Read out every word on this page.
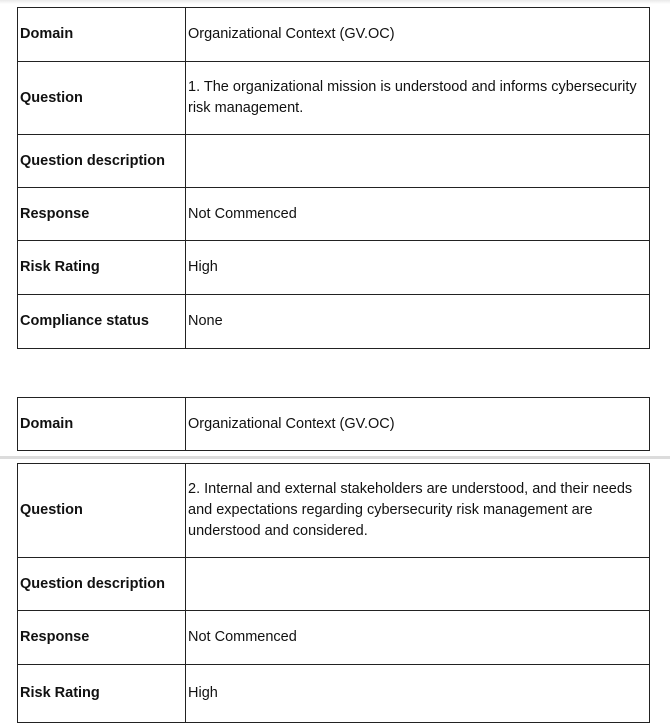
Domain	Organizational Context (GV.OC)
Question	1. The organizational mission is understood and informs cybersecurity risk management.
Question description	
Response	Not Commenced
Risk Rating	High
Compliance status	None
Domain	Organizational Context (GV.OC)
Question	2. Internal and external stakeholders are understood, and their needs and expectations regarding cybersecurity risk management are understood and considered.
Question description	
Response	Not Commenced
Risk Rating	High
